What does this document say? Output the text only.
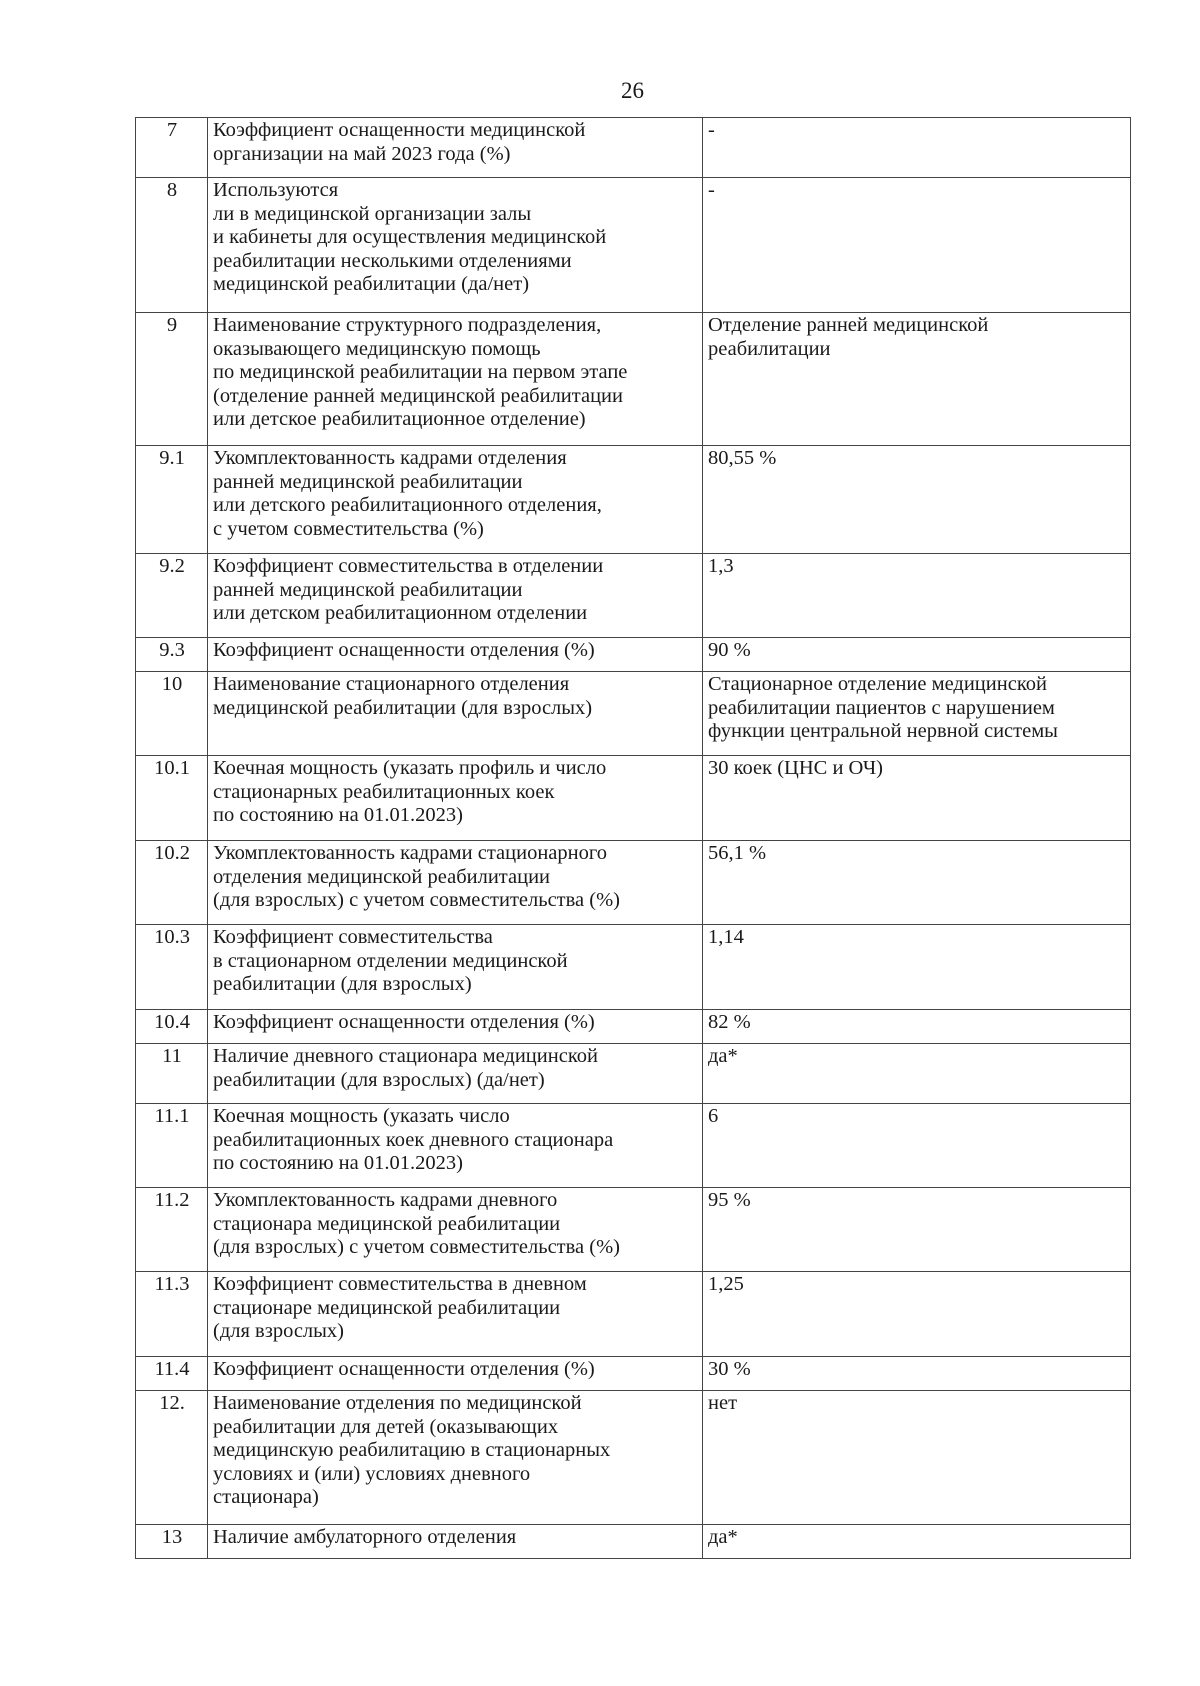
26
7	Коэффициент оснащенности медицинской
организации на май 2023 года (%)	-
8	Используются
ли в медицинской организации залы
и кабинеты для осуществления медицинской
реабилитации несколькими отделениями
медицинской реабилитации (да/нет)	-
9	Наименование структурного подразделения,
оказывающего медицинскую помощь
по медицинской реабилитации на первом этапе
(отделение ранней медицинской реабилитации
или детское реабилитационное отделение)	Отделение ранней медицинской
реабилитации
9.1	Укомплектованность кадрами отделения
ранней медицинской реабилитации
или детского реабилитационного отделения,
с учетом совместительства (%)	80,55 %
9.2	Коэффициент совместительства в отделении
ранней медицинской реабилитации
или детском реабилитационном отделении	1,3
9.3	Коэффициент оснащенности отделения (%)	90 %
10	Наименование стационарного отделения
медицинской реабилитации (для взрослых)	Стационарное отделение медицинской
реабилитации пациентов с нарушением
функции центральной нервной системы
10.1	Коечная мощность (указать профиль и число
стационарных реабилитационных коек
по состоянию на 01.01.2023)	30 коек (ЦНС и ОЧ)
10.2	Укомплектованность кадрами стационарного
отделения медицинской реабилитации
(для взрослых) с учетом совместительства (%)	56,1 %
10.3	Коэффициент совместительства
в стационарном отделении медицинской
реабилитации (для взрослых)	1,14
10.4	Коэффициент оснащенности отделения (%)	82 %
11	Наличие дневного стационара медицинской
реабилитации (для взрослых) (да/нет)	да*
11.1	Коечная мощность (указать число
реабилитационных коек дневного стационара
по состоянию на 01.01.2023)	6
11.2	Укомплектованность кадрами дневного
стационара медицинской реабилитации
(для взрослых) с учетом совместительства (%)	95 %
11.3	Коэффициент совместительства в дневном
стационаре медицинской реабилитации
(для взрослых)	1,25
11.4	Коэффициент оснащенности отделения (%)	30 %
12.	Наименование отделения по медицинской
реабилитации для детей (оказывающих
медицинскую реабилитацию в стационарных
условиях и (или) условиях дневного
стационара)	нет
13	Наличие амбулаторного отделения	да*
